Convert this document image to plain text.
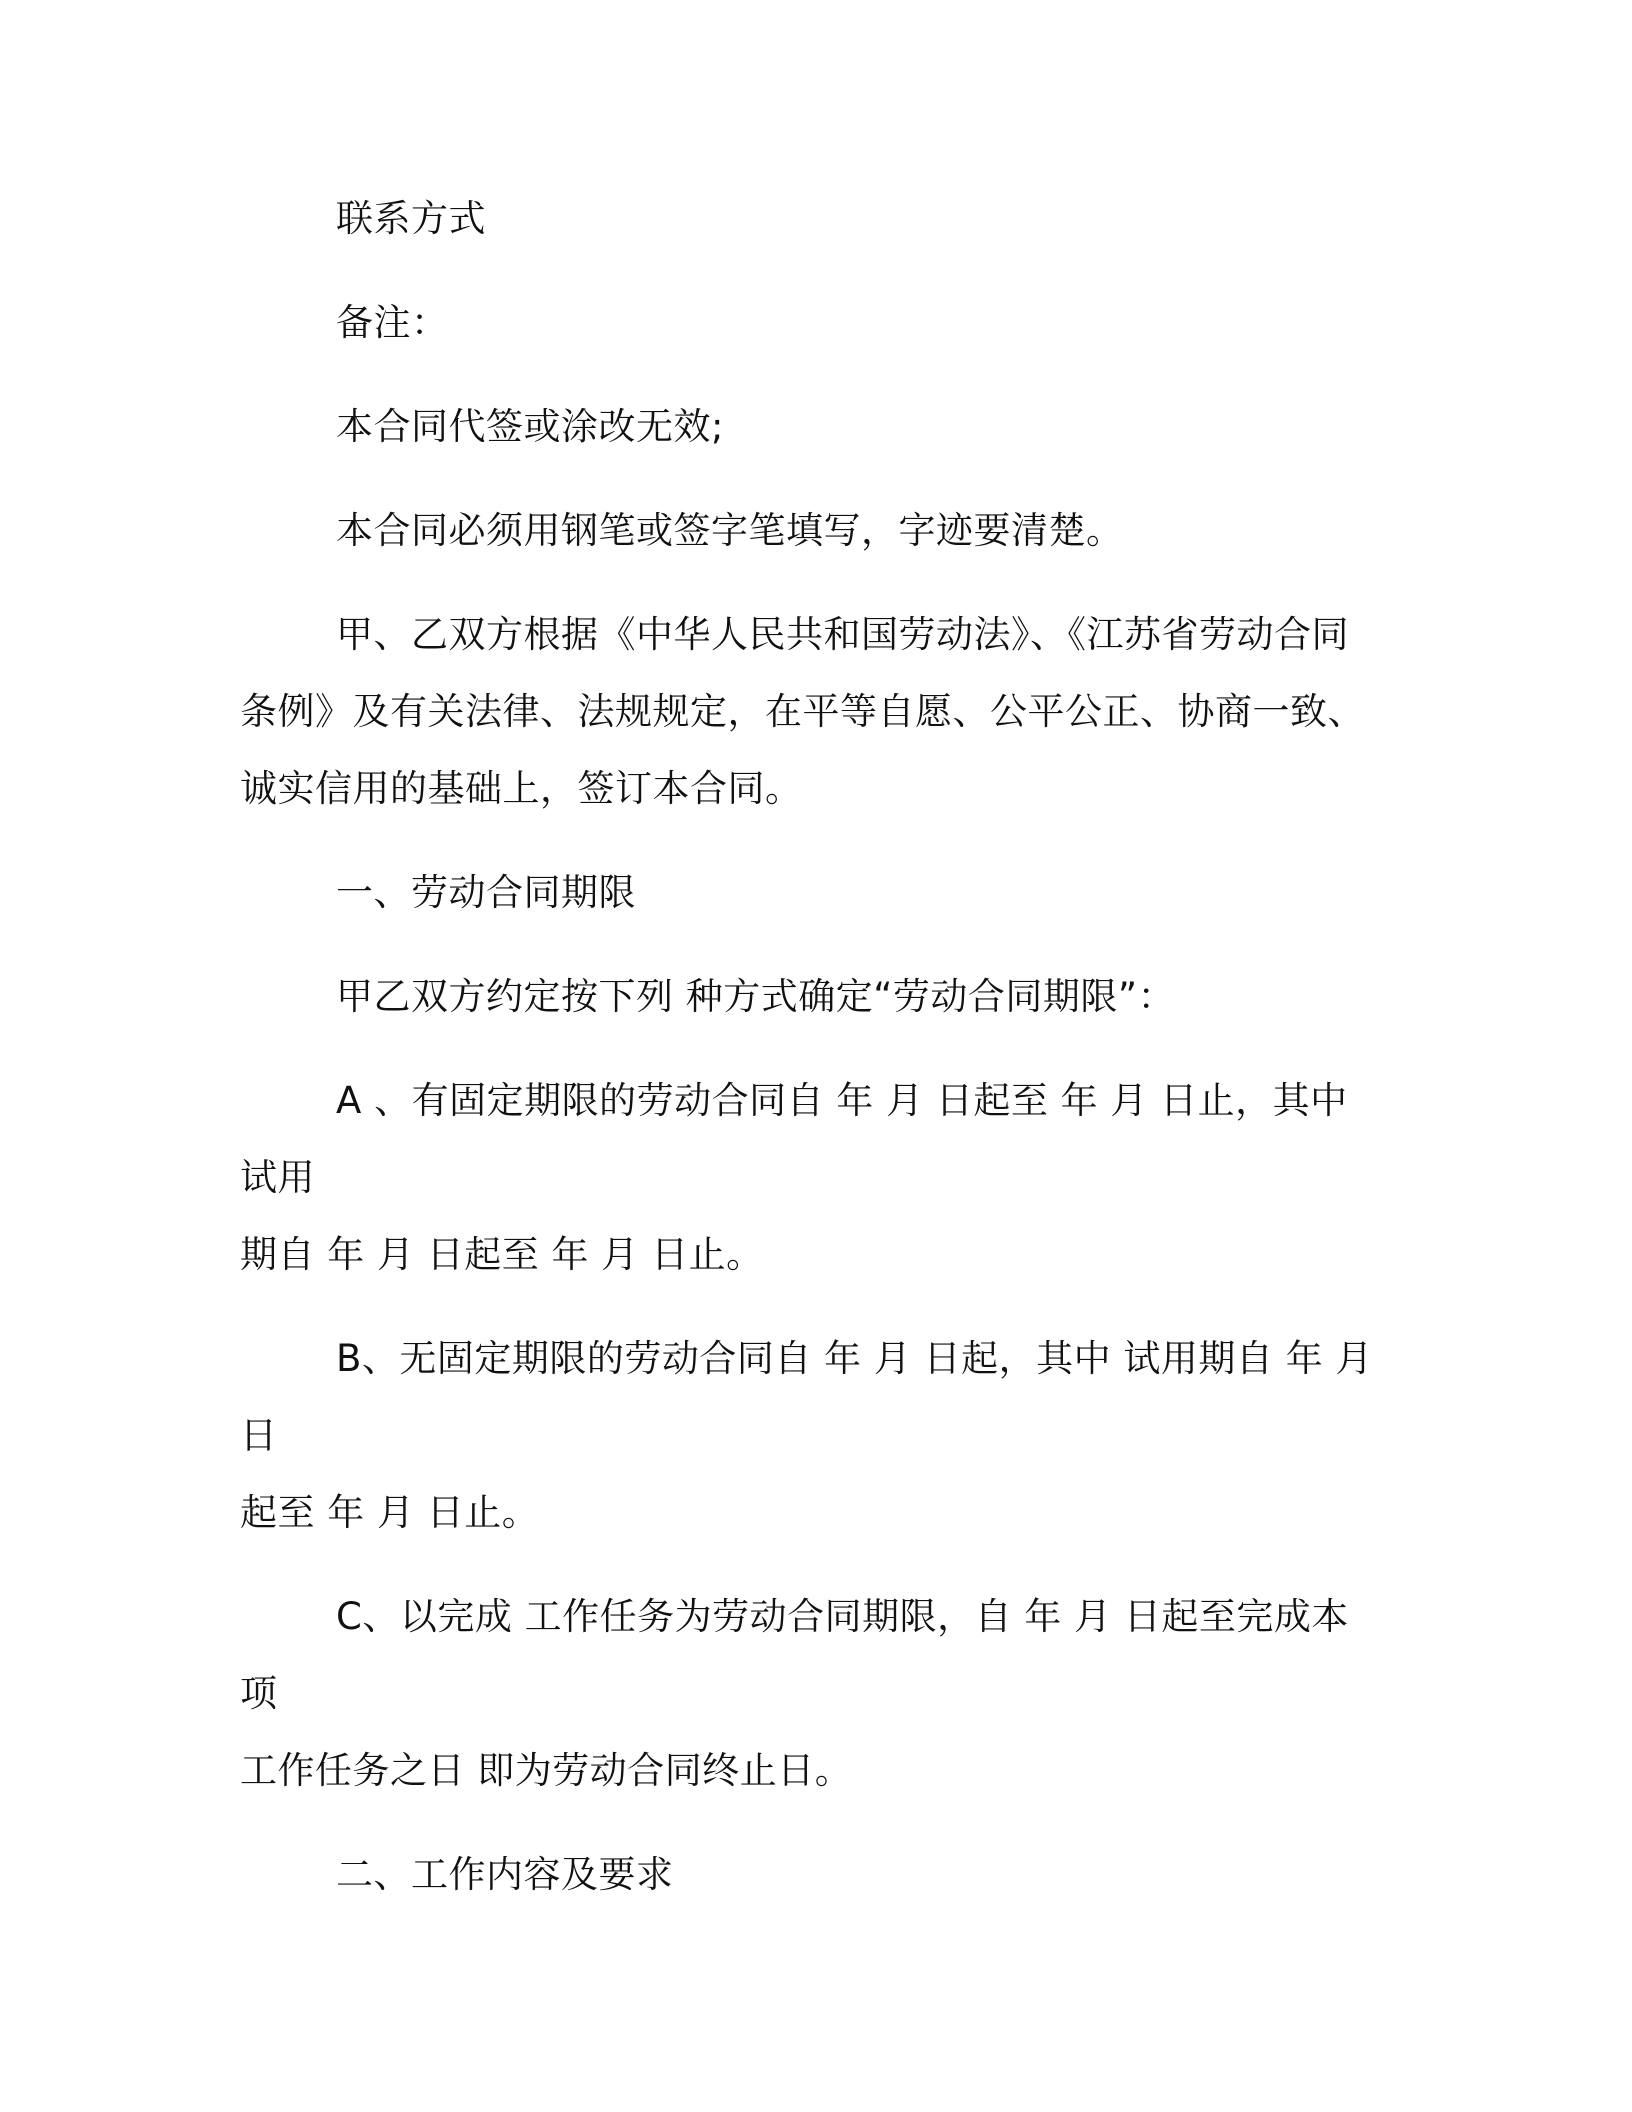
联系方式

备注：

本合同代签或涂改无效;

本合同必须用钢笔或签字笔填写，字迹要清楚。

甲、乙双方根据《中华人民共和国劳动法》、《江苏省劳动合同
条例》及有关法律、法规规定，在平等自愿、公平公正、协商一致、
诚实信用的基础上，签订本合同。

一、劳动合同期限

甲乙双方约定按下列 种方式确定“劳动合同期限”：

A 、有固定期限的劳动合同自 年 月 日起至 年 月 日止，其中试用
期自 年 月 日起至 年 月 日止。

B、无固定期限的劳动合同自 年 月 日起，其中 试用期自 年 月 日
起至 年 月 日止。

C、以完成 工作任务为劳动合同期限，自 年 月 日起至完成本项
工作任务之日 即为劳动合同终止日。

二、工作内容及要求
